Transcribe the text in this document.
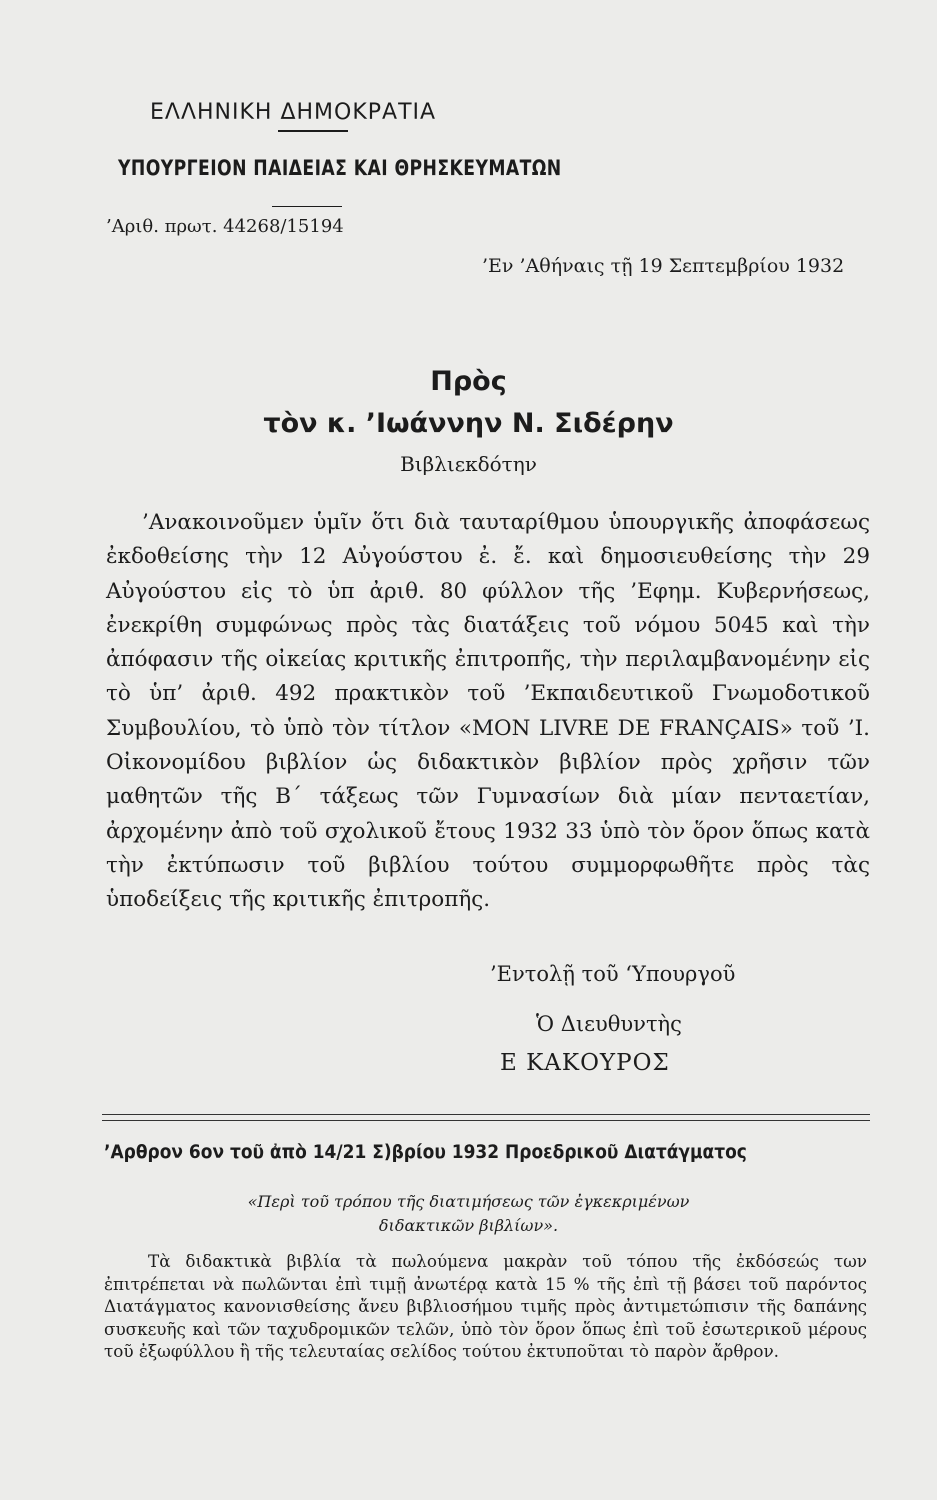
ΕΛΛΗΝΙΚΗ ΔΗΜΟΚΡΑΤΙΑ
ΥΠΟΥΡΓΕΙΟΝ ΠΑΙΔΕΙΑΣ ΚΑΙ ΘΡΗΣΚΕΥΜΑΤΩΝ
’Αριθ. πρωτ. 44268/15194
’Εν ’Αθήναις τῇ 19 Σεπτεμβρίου 1932
Πρὸς
τὸν κ. ’Ιωάννην Ν. Σιδέρην
Βιβλιεκδότην

’Ανακοινοῦμεν ὑμῖν ὅτι διὰ ταυταρίθμου ὑπουργικῆς ἀποφάσεως ἐκδοθείσης τὴν 12 Αὐγούστου ἐ. ἔ. καὶ δημοσιευθείσης τὴν 29 Αὐγούστου εἰς τὸ ὑπ ἀριθ. 80 φύλλον τῆς ’Εφημ. Κυβερνήσεως, ἐνεκρίθη συμφώνως πρὸς τὰς διατάξεις τοῦ νόμου 5045 καὶ τὴν ἀπόφασιν τῆς οἰκείας κριτικῆς ἐπιτροπῆς, τὴν περιλαμβανομένην εἰς τὸ ὑπ’ ἀριθ. 492 πρακτικὸν τοῦ ’Εκπαιδευτικοῦ Γνωμοδοτικοῦ Συμβουλίου, τὸ ὑπὸ τὸν τίτλον «MON LIVRE DE FRANÇAIS» τοῦ ’Ι. Οἰκονομίδου βιβλίον ὡς διδακτικὸν βιβλίον πρὸς χρῆσιν τῶν μαθητῶν τῆς Β΄ τάξεως τῶν Γυμνασίων διὰ μίαν πενταετίαν, ἀρχομένην ἀπὸ τοῦ σχολικοῦ ἔτους 1932 33 ὑπὸ τὸν ὅρον ὅπως κατὰ τὴν ἐκτύπωσιν τοῦ βιβλίου τούτου συμμορφωθῆτε πρὸς τὰς ὑποδείξεις τῆς κριτικῆς ἐπιτροπῆς.

’Εντολῇ τοῦ ‘Υπουργοῦ
Ὁ Διευθυντὴς
Ε ΚΑΚΟΥΡΟΣ
’Αρθρον 6ον τοῦ ἀπὸ 14/21 Σ)βρίου 1932 Προεδρικοῦ Διατάγματος
«Περὶ τοῦ τρόπου τῆς διατιμήσεως τῶν ἐγκεκριμένων
διδακτικῶν βιβλίων».

Τὰ διδακτικὰ βιβλία τὰ πωλούμενα μακρὰν τοῦ τόπου τῆς ἐκδόσεώς των ἐπιτρέπεται νὰ πωλῶνται ἐπὶ τιμῇ ἀνωτέρᾳ κατὰ 15 % τῆς ἐπὶ τῇ βάσει τοῦ παρόντος Διατάγματος κανονισθείσης ἄνευ βιβλιοσήμου τιμῆς πρὸς ἀντιμετώπισιν τῆς δαπάνης συσκευῆς καὶ τῶν ταχυδρομικῶν τελῶν, ὑπὸ τὸν ὅρον ὅπως ἐπὶ τοῦ ἐσωτερικοῦ μέρους τοῦ ἐξωφύλλου ἢ τῆς τελευταίας σελίδος τούτου ἐκτυποῦται τὸ παρὸν ἄρθρον.
